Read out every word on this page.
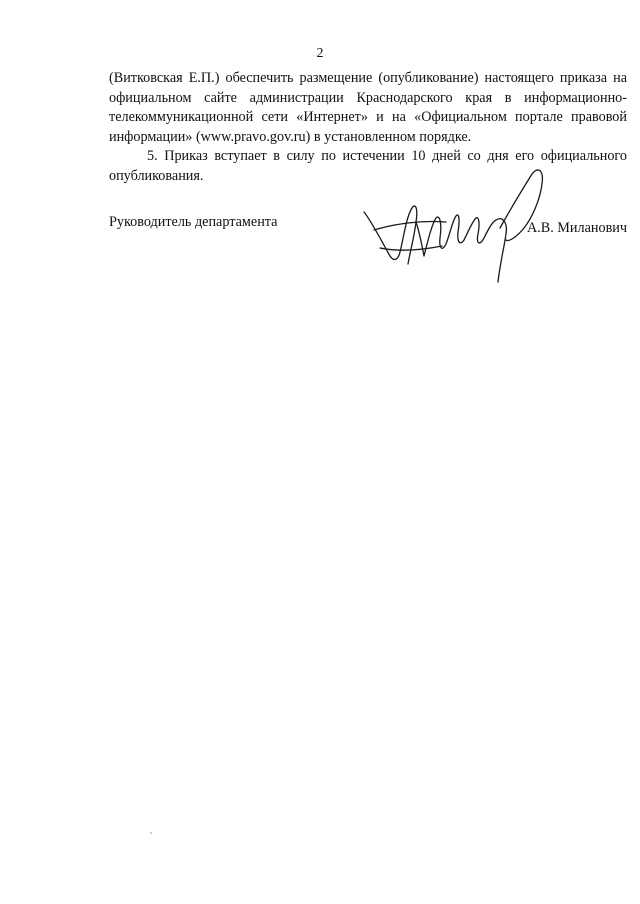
2

(Витковская Е.П.) обеспечить размещение (опубликование) настоящего приказа на официальном сайте администрации Краснодарского края в информационно-телекоммуникационной сети «Интернет» и на «Официальном портале правовой информации» (www.pravo.gov.ru) в установленном порядке.

5. Приказ вступает в силу по истечении 10 дней со дня его официального опубликования.

Руководитель департамента	А.В. Миланович
